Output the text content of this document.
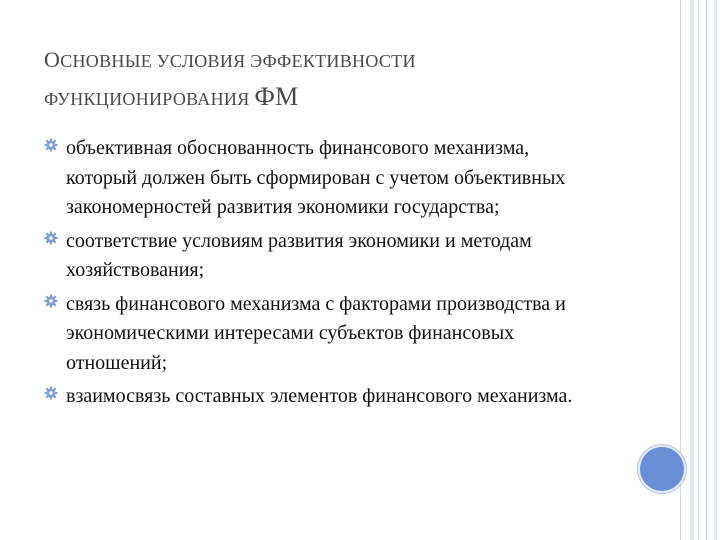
ОСНОВНЫЕ УСЛОВИЯ ЭФФЕКТИВНОСТИ
ФУНКЦИОНИРОВАНИЯ ФМ
объективная обоснованность финансового механизма, который должен быть сформирован с учетом объективных закономерностей развития экономики государства;
соответствие условиям развития экономики и методам хозяйствования;
связь финансового механизма с факторами производства и экономическими интересами субъектов финансовых отношений;
взаимосвязь составных элементов финансового механизма.
